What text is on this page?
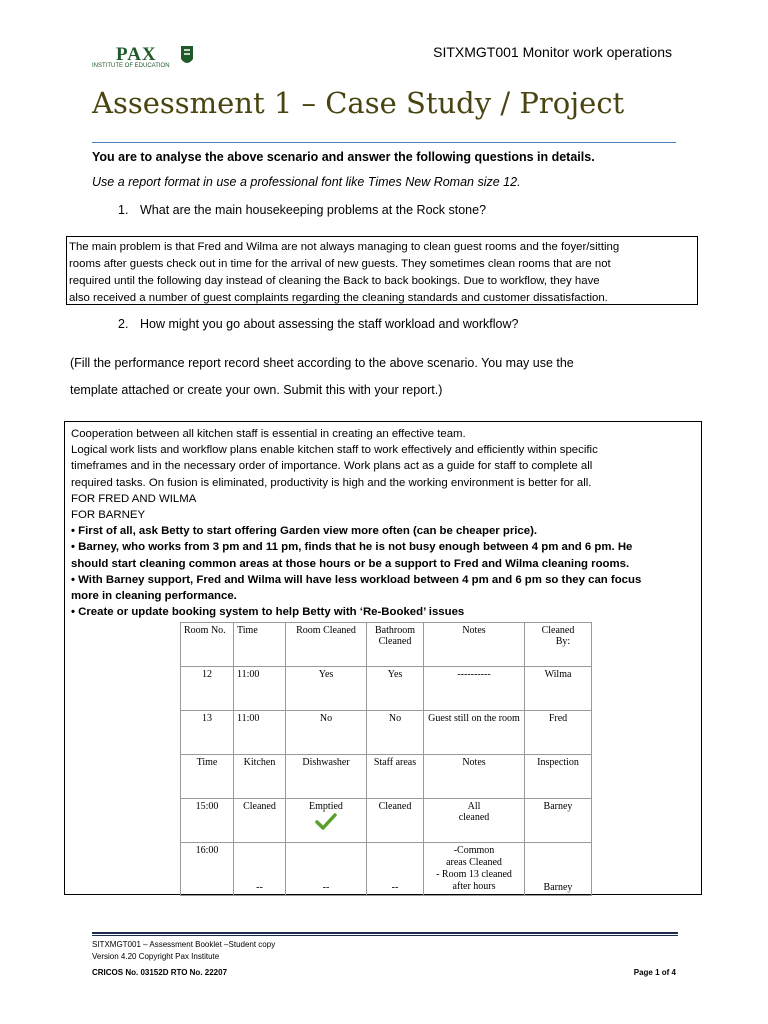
PAX
INSTITUTE OF EDUCATION
SITXMGT001 Monitor work operations
Assessment 1 – Case Study / Project
You are to analyse the above scenario and answer the following questions in details.
Use a report format in use a professional font like Times New Roman size 12.
1. What are the main housekeeping problems at the Rock stone?

The main problem is that Fred and Wilma are not always managing to clean guest rooms and the foyer/sitting

rooms after guests check out in time for the arrival of new guests. They sometimes clean rooms that are not

required until the following day instead of cleaning the Back to back bookings. Due to workflow, they have

also received a number of guest complaints regarding the cleaning standards and customer dissatisfaction.

2. How might you go about assessing the staff workload and workflow?

(Fill the performance report record sheet according to the above scenario. You may use the

template attached or create your own. Submit this with your report.)

Cooperation between all kitchen staff is essential in creating an effective team.

Logical work lists and workflow plans enable kitchen staff to work effectively and efficiently within specific

timeframes and in the necessary order of importance. Work plans act as a guide for staff to complete all

required tasks. On fusion is eliminated, productivity is high and the working environment is better for all.

FOR FRED AND WILMA

FOR BARNEY

• First of all, ask Betty to start offering Garden view more often (can be cheaper price).

• Barney, who works from 3 pm and 11 pm, finds that he is not busy enough between 4 pm and 6 pm. He

should start cleaning common areas at those hours or be a support to Fred and Wilma cleaning rooms.

• With Barney support, Fred and Wilma will have less workload between 4 pm and 6 pm so they can focus

more in cleaning performance.

• Create or update booking system to help Betty with ‘Re-Booked’ issues

Room No.	Time	Room Cleaned	Bathroom
Cleaned	Notes	Cleaned
By:
12	11:00	Yes	Yes	----------	Wilma
13	11:00	No	No	Guest still on the room	Fred
Time	Kitchen	Dishwasher	Staff areas	Notes	Inspection
15:00	Cleaned	Emptied	Cleaned	All
cleaned	Barney
16:00	--	--	--	-Common
areas Cleaned
- Room 13 cleaned
after hours	Barney
SITXMGT001 – Assessment Booklet –Student copy
Version 4.20 Copyright Pax Institute
CRICOS No. 03152D RTO No. 22207	Page 1 of 4
